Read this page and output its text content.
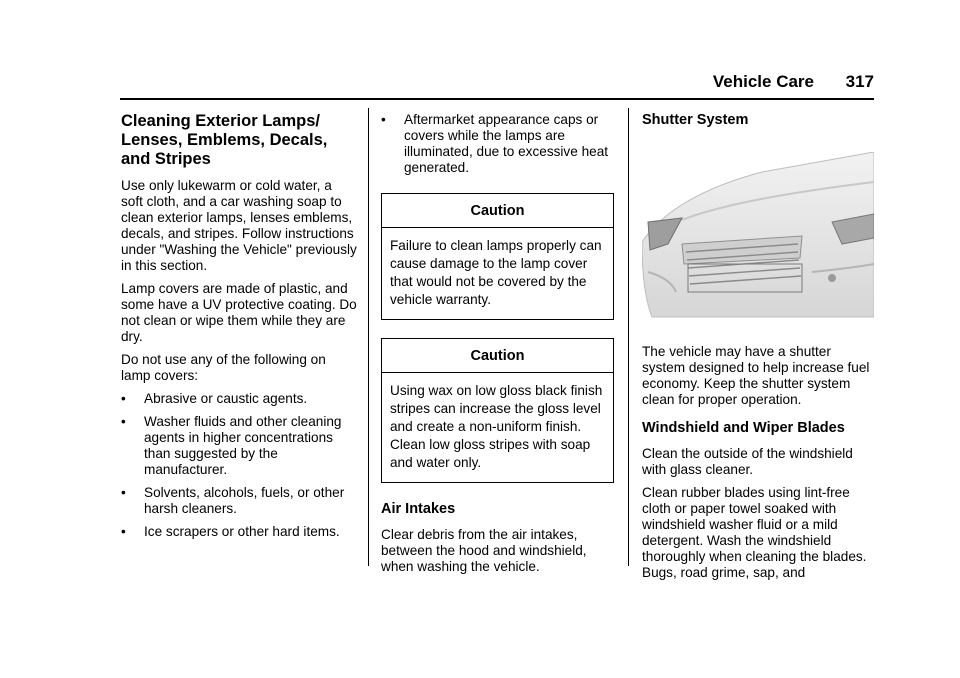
Vehicle Care 317
Cleaning Exterior Lamps/ Lenses, Emblems, Decals, and Stripes

Use only lukewarm or cold water, a soft cloth, and a car washing soap to clean exterior lamps, lenses emblems, decals, and stripes. Follow instructions under "Washing the Vehicle" previously in this section.

Lamp covers are made of plastic, and some have a UV protective coating. Do not clean or wipe them while they are dry.

Do not use any of the following on lamp covers:

•	Abrasive or caustic agents.
•	Washer fluids and other cleaning agents in higher concentrations than suggested by the manufacturer.
•	Solvents, alcohols, fuels, or other harsh cleaners.
•	Ice scrapers or other hard items.
•	Aftermarket appearance caps or covers while the lamps are illuminated, due to excessive heat generated.
Caution
Failure to clean lamps properly can cause damage to the lamp cover that would not be covered by the vehicle warranty.
Caution
Using wax on low gloss black finish stripes can increase the gloss level and create a non-uniform finish. Clean low gloss stripes with soap and water only.
Air Intakes

Clear debris from the air intakes, between the hood and windshield, when washing the vehicle.

Shutter System

The vehicle may have a shutter system designed to help increase fuel economy. Keep the shutter system clean for proper operation.

Windshield and Wiper Blades

Clean the outside of the windshield with glass cleaner.

Clean rubber blades using lint-free cloth or paper towel soaked with windshield washer fluid or a mild detergent. Wash the windshield thoroughly when cleaning the blades. Bugs, road grime, sap, and
